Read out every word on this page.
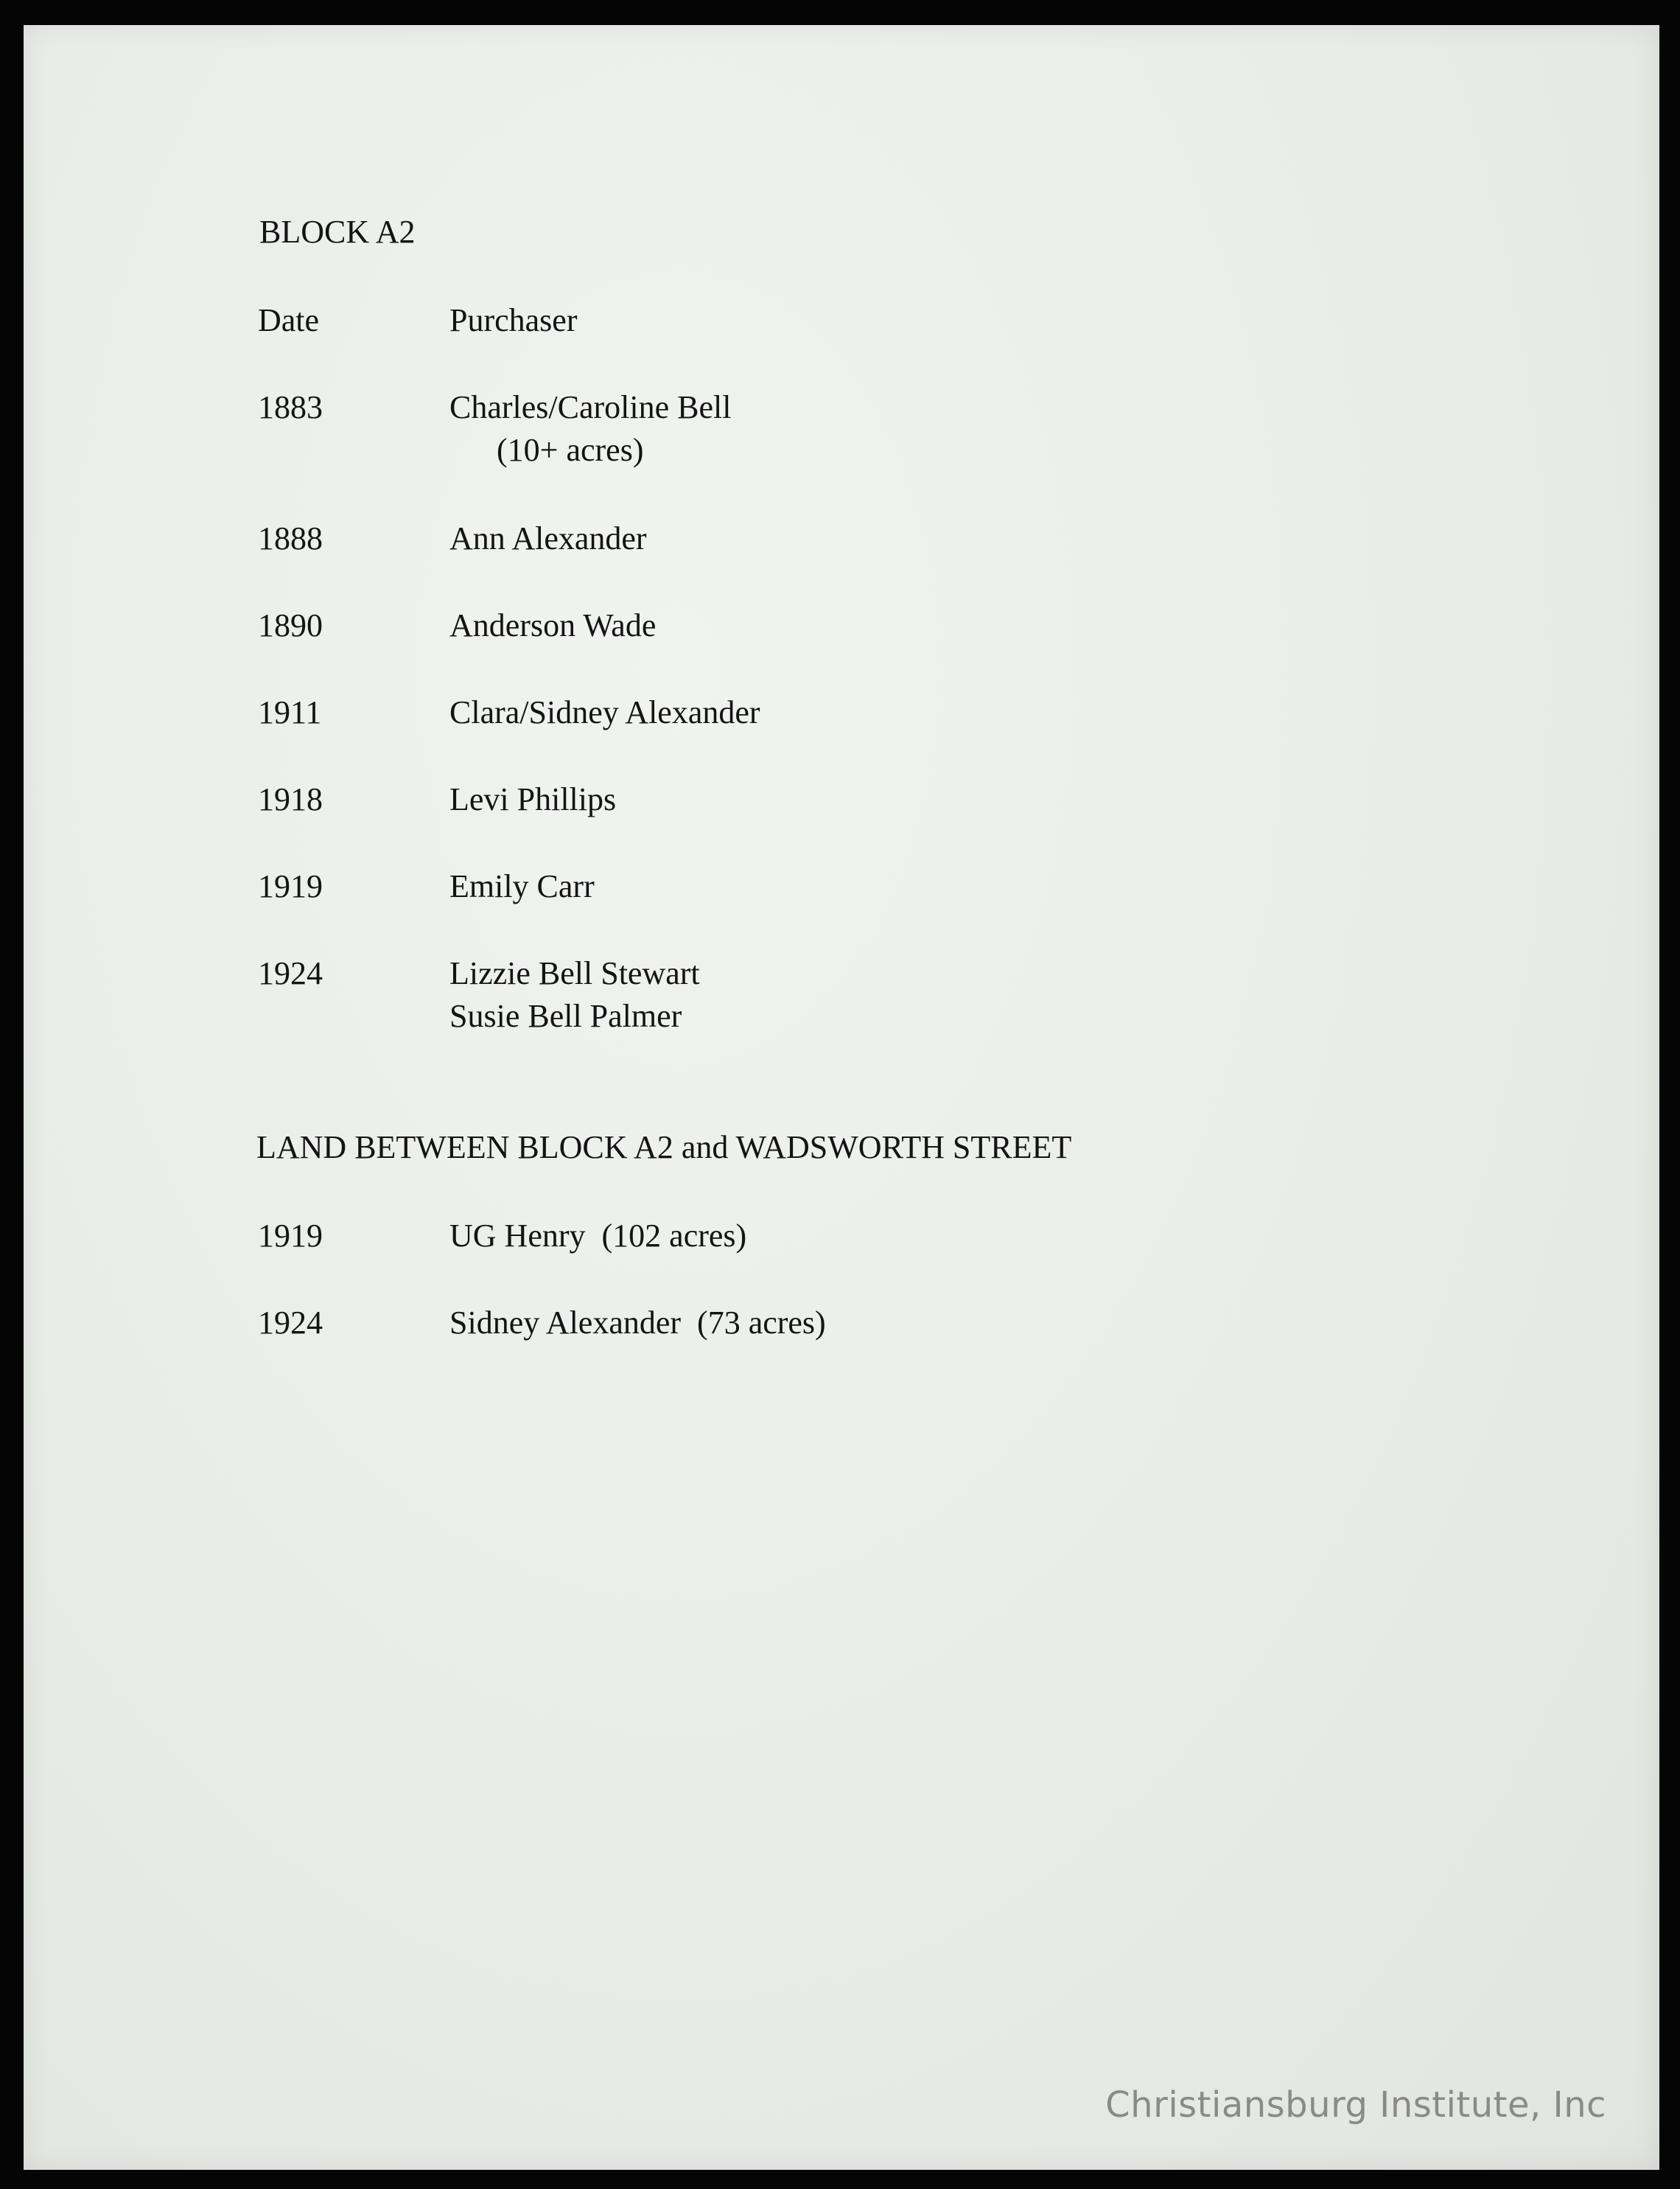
BLOCK A2
Date	Purchaser
1883	Charles/Caroline Bell
(10+ acres)
1888	Ann Alexander
1890	Anderson Wade
1911	Clara/Sidney Alexander
1918	Levi Phillips
1919	Emily Carr
1924	Lizzie Bell Stewart
Susie Bell Palmer
LAND BETWEEN BLOCK A2 and WADSWORTH STREET
1919	UG Henry  (102 acres)
1924	Sidney Alexander  (73 acres)
Christiansburg Institute, Inc
